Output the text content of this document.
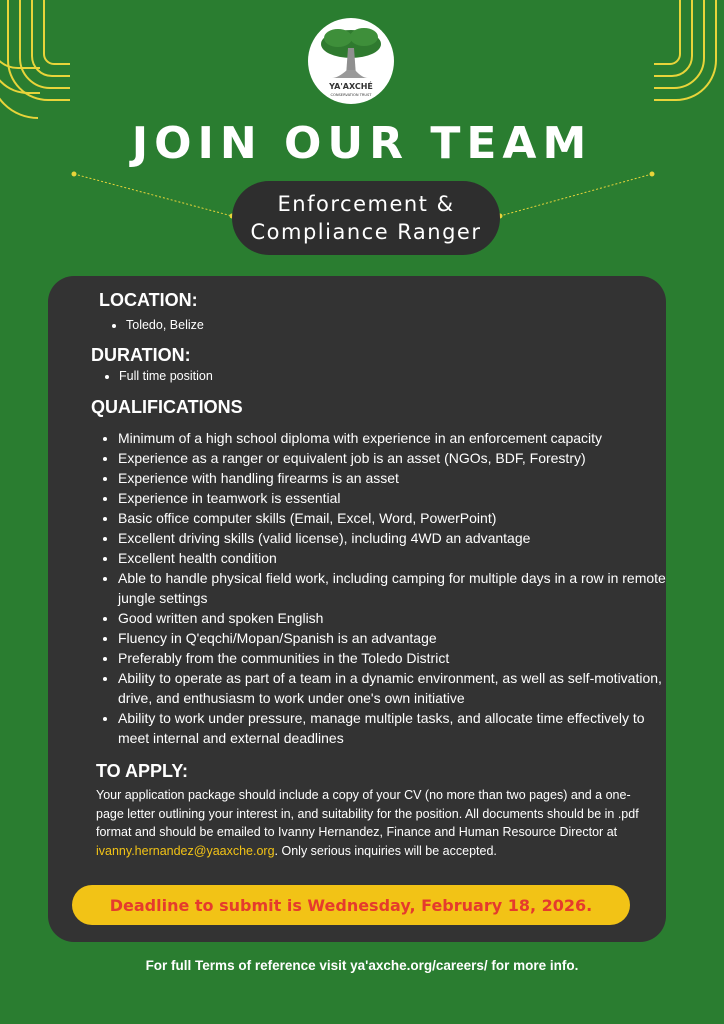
YA'AXCHÉ
CONSERVATION TRUST
JOIN OUR TEAM
Enforcement &
Compliance Ranger
LOCATION:
• Toledo, Belize
DURATION:
• Full time position
QUALIFICATIONS
• Minimum of a high school diploma with experience in an enforcement capacity
• Experience as a ranger or equivalent job is an asset (NGOs, BDF, Forestry)
• Experience with handling firearms is an asset
• Experience in teamwork is essential
• Basic office computer skills (Email, Excel, Word, PowerPoint)
• Excellent driving skills (valid license), including 4WD an advantage
• Excellent health condition
• Able to handle physical field work, including camping for multiple days in a row in remote jungle settings
• Good written and spoken English
• Fluency in Q'eqchi/Mopan/Spanish is an advantage
• Preferably from the communities in the Toledo District
• Ability to operate as part of a team in a dynamic environment, as well as self-motivation, drive, and enthusiasm to work under one's own initiative
• Ability to work under pressure, manage multiple tasks, and allocate time effectively to meet internal and external deadlines
TO APPLY:

Your application package should include a copy of your CV (no more than two pages) and a one-page letter outlining your interest in, and suitability for the position. All documents should be in .pdf format and should be emailed to Ivanny Hernandez, Finance and Human Resource Director at ivanny.hernandez@yaaxche.org. Only serious inquiries will be accepted.

Deadline to submit is Wednesday, February 18, 2026.
For full Terms of reference visit ya'axche.org/careers/ for more info.
